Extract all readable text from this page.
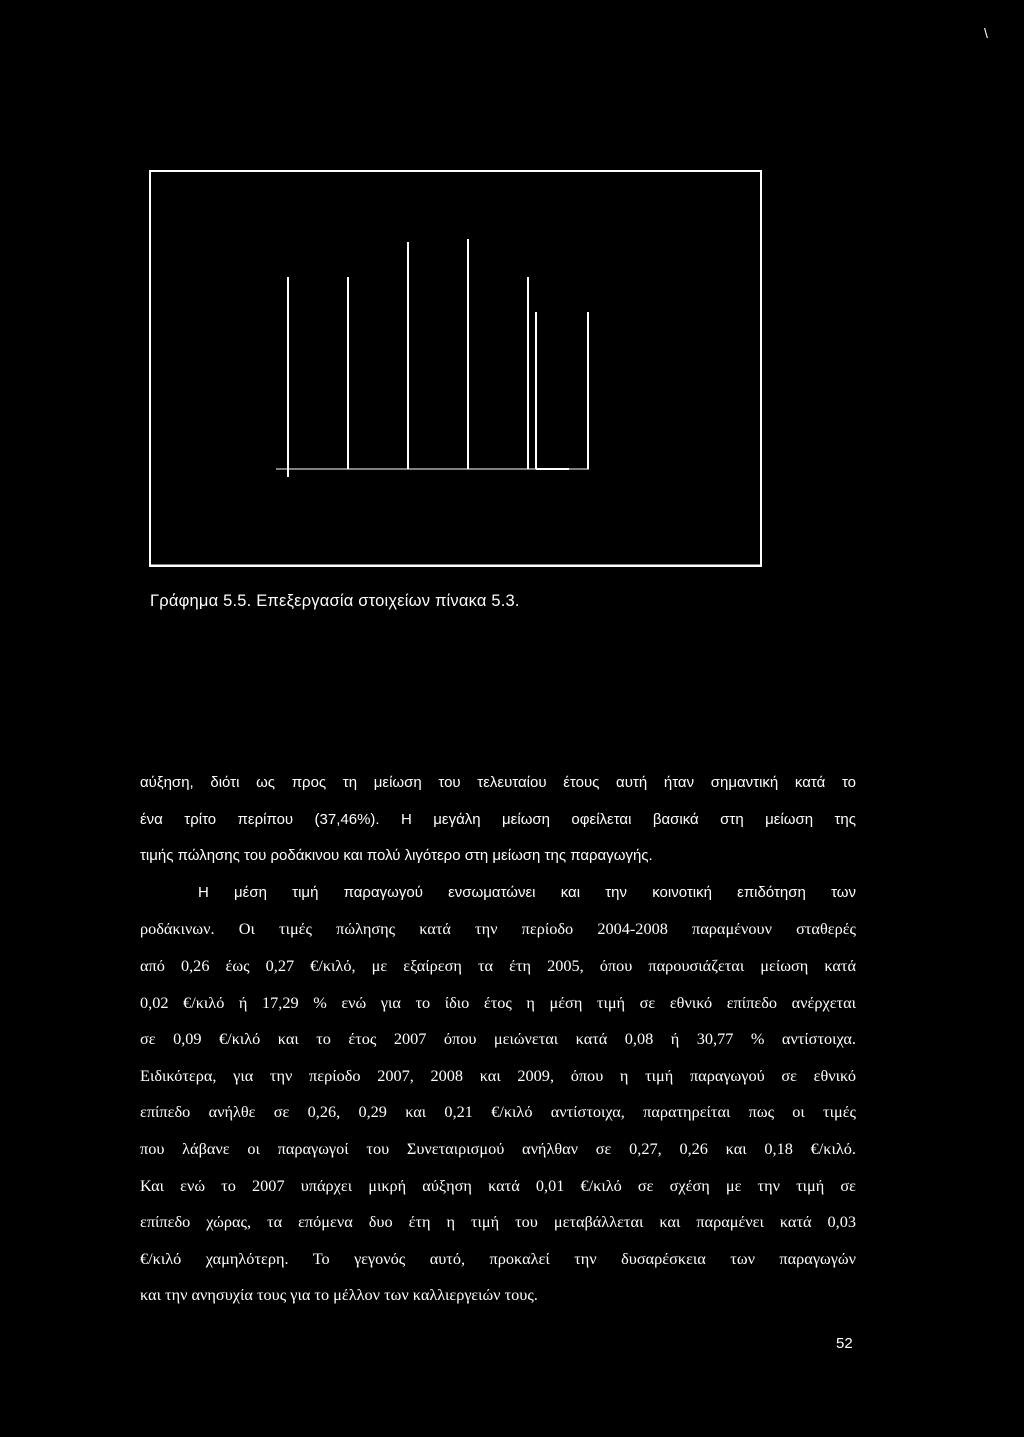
\
Γράφημα 5.5. Επεξεργασία στοιχείων πίνακα 5.3.
αύξηση, διότι ως προς τη μείωση του τελευταίου έτους αυτή ήταν σημαντική κατά το
ένα τρίτο περίπου (37,46%). Η μεγάλη μείωση οφείλεται βασικά στη μείωση της
τιμής πώλησης του ροδάκινου και πολύ λιγότερο στη μείωση της παραγωγής.
Η μέση τιμή παραγωγού ενσωματώνει και την κοινοτική επιδότηση των
ροδάκινων. Οι τιμές πώλησης κατά την περίοδο 2004-2008 παραμένουν σταθερές
από 0,26 έως 0,27 €/κιλό, με εξαίρεση τα έτη 2005, όπου παρουσιάζεται μείωση κατά
0,02 €/κιλό ή 17,29 % ενώ για το ίδιο έτος η μέση τιμή σε εθνικό επίπεδο ανέρχεται
σε 0,09 €/κιλό και το έτος 2007 όπου μειώνεται κατά 0,08 ή 30,77 % αντίστοιχα.
Ειδικότερα, για την περίοδο 2007, 2008 και 2009, όπου η τιμή παραγωγού σε εθνικό
επίπεδο ανήλθε σε 0,26, 0,29 και 0,21 €/κιλό αντίστοιχα, παρατηρείται πως οι τιμές
που λάβανε οι παραγωγοί του Συνεταιρισμού ανήλθαν σε 0,27, 0,26 και 0,18 €/κιλό.
Και ενώ το 2007 υπάρχει μικρή αύξηση κατά 0,01 €/κιλό σε σχέση με την τιμή σε
επίπεδο χώρας, τα επόμενα δυο έτη η τιμή του μεταβάλλεται και παραμένει κατά 0,03
€/κιλό χαμηλότερη. Το γεγονός αυτό, προκαλεί την δυσαρέσκεια των παραγωγών
και την ανησυχία τους για το μέλλον των καλλιεργειών τους.
52
